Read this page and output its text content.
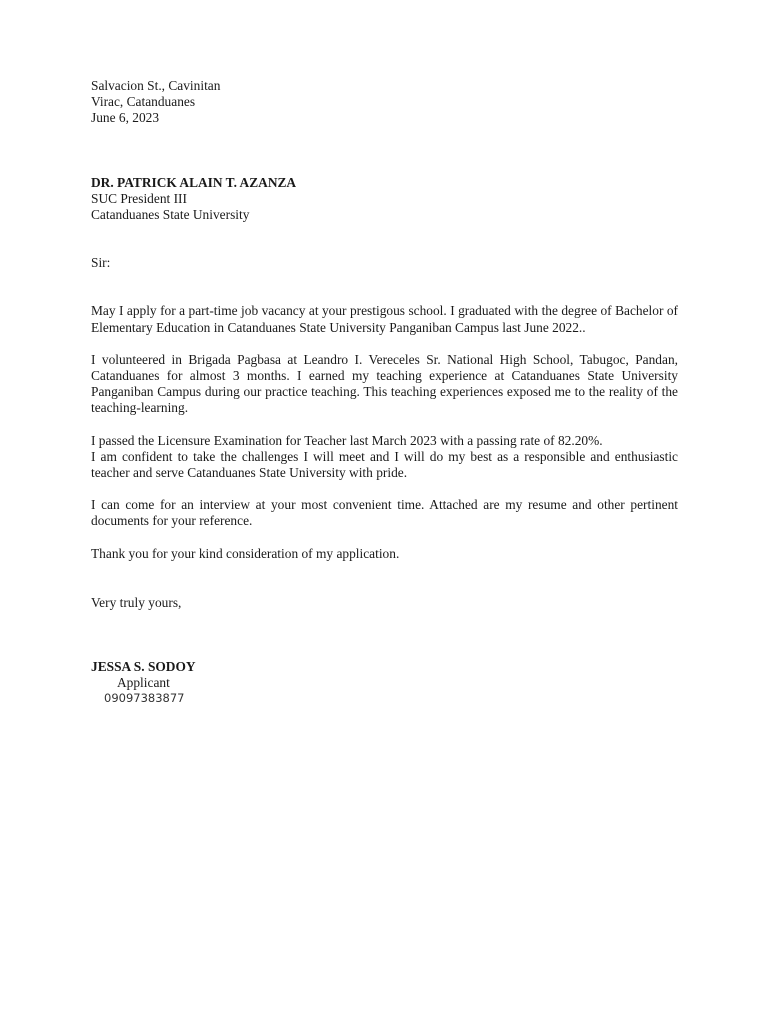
Salvacion St., Cavinitan
Virac, Catanduanes
June 6, 2023
DR. PATRICK ALAIN T. AZANZA
SUC President III
Catanduanes State University
Sir:

May I apply for a part-time job vacancy at your prestigous school. I graduated with the degree of Bachelor of Elementary Education in Catanduanes State University Panganiban Campus last June 2022..

I volunteered in Brigada Pagbasa at Leandro I. Vereceles Sr. National High School, Tabugoc, Pandan, Catanduanes for almost 3 months. I earned my teaching experience at Catanduanes State University Panganiban Campus during our practice teaching. This teaching experiences exposed me to the reality of the teaching-learning.

I passed the Licensure Examination for Teacher last March 2023 with a passing rate of 82.20%.

I am confident to take the challenges I will meet and I will do my best as a responsible and enthusiastic teacher and serve Catanduanes State University with pride.

I can come for an interview at your most convenient time. Attached are my resume and other pertinent documents for your reference.

Thank you for your kind consideration of my application.

Very truly yours,
JESSA S. SODOY
Applicant
09097383877
